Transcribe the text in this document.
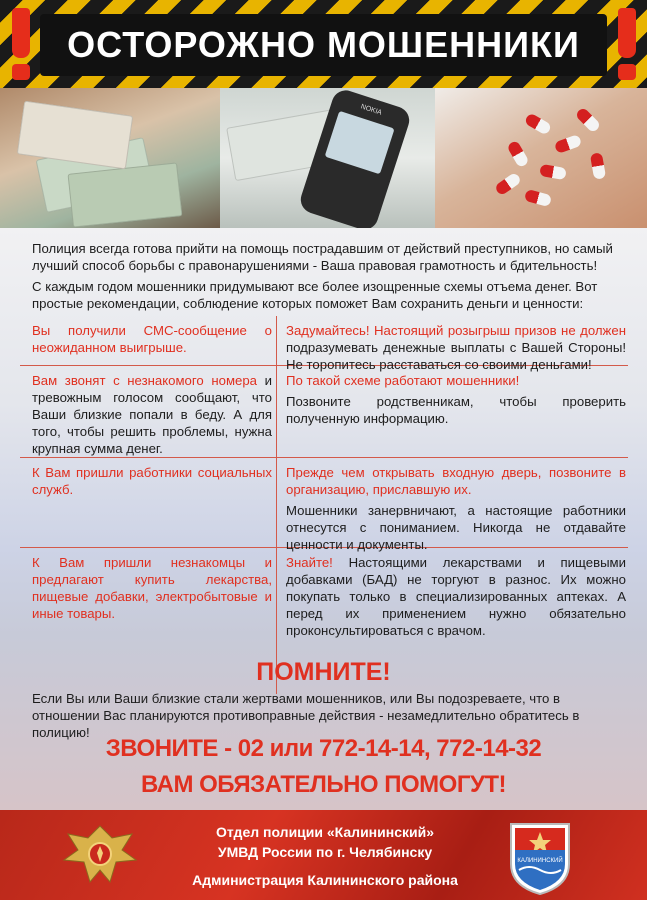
ОСТОРОЖНО МОШЕННИКИ
NOKIA

Полиция всегда готова прийти на помощь пострадавшим от действий преступников, но самый лучший способ борьбы с правонарушениями - Ваша правовая грамотность и бдительность!

С каждым годом мошенники придумывают все более изощренные схемы отъема денег. Вот простые рекомендации, соблюдение которых поможет Вам сохранить деньги и ценности:

Вы получили СМС-сообщение о неожиданном выигрыше.
Задумайтесь! Настоящий розыгрыш призов не должен подразумевать денежные выплаты с Вашей Стороны! Не торопитесь расставаться со своими деньгами!
Вам звонят с незнакомого номера и тревожным голосом сообщают, что Ваши близкие попали в беду. А для того, чтобы решить проблемы, нужна крупная сумма денег.
По такой схеме работают мошенники!
Позвоните родственникам, чтобы проверить полученную информацию.
К Вам пришли работники социальных служб.
Прежде чем открывать входную дверь, позвоните в организацию, приславшую их.
Мошенники занервничают, а настоящие работники отнесутся с пониманием. Никогда не отдавайте ценности и документы.
К Вам пришли незнакомцы и предлагают купить лекарства, пищевые добавки, электробытовые и иные товары.
Знайте! Настоящими лекарствами и пищевыми добавками (БАД) не торгуют в разнос. Их можно покупать только в специализированных аптеках. А перед их применением нужно обязательно проконсультироваться с врачом.
ПОМНИТЕ!

Если Вы или Ваши близкие стали жертвами мошенников, или Вы подозреваете, что в отношении Вас планируются противоправные действия - незамедлительно обратитесь в полицию!

ЗВОНИТЕ - 02 или 772-14-14, 772-14-32
ВАМ ОБЯЗАТЕЛЬНО ПОМОГУТ!
Отдел полиции «Калининский»
УМВД России по г. Челябинску
Администрация Калининского района
КАЛИНИНСКИЙ
